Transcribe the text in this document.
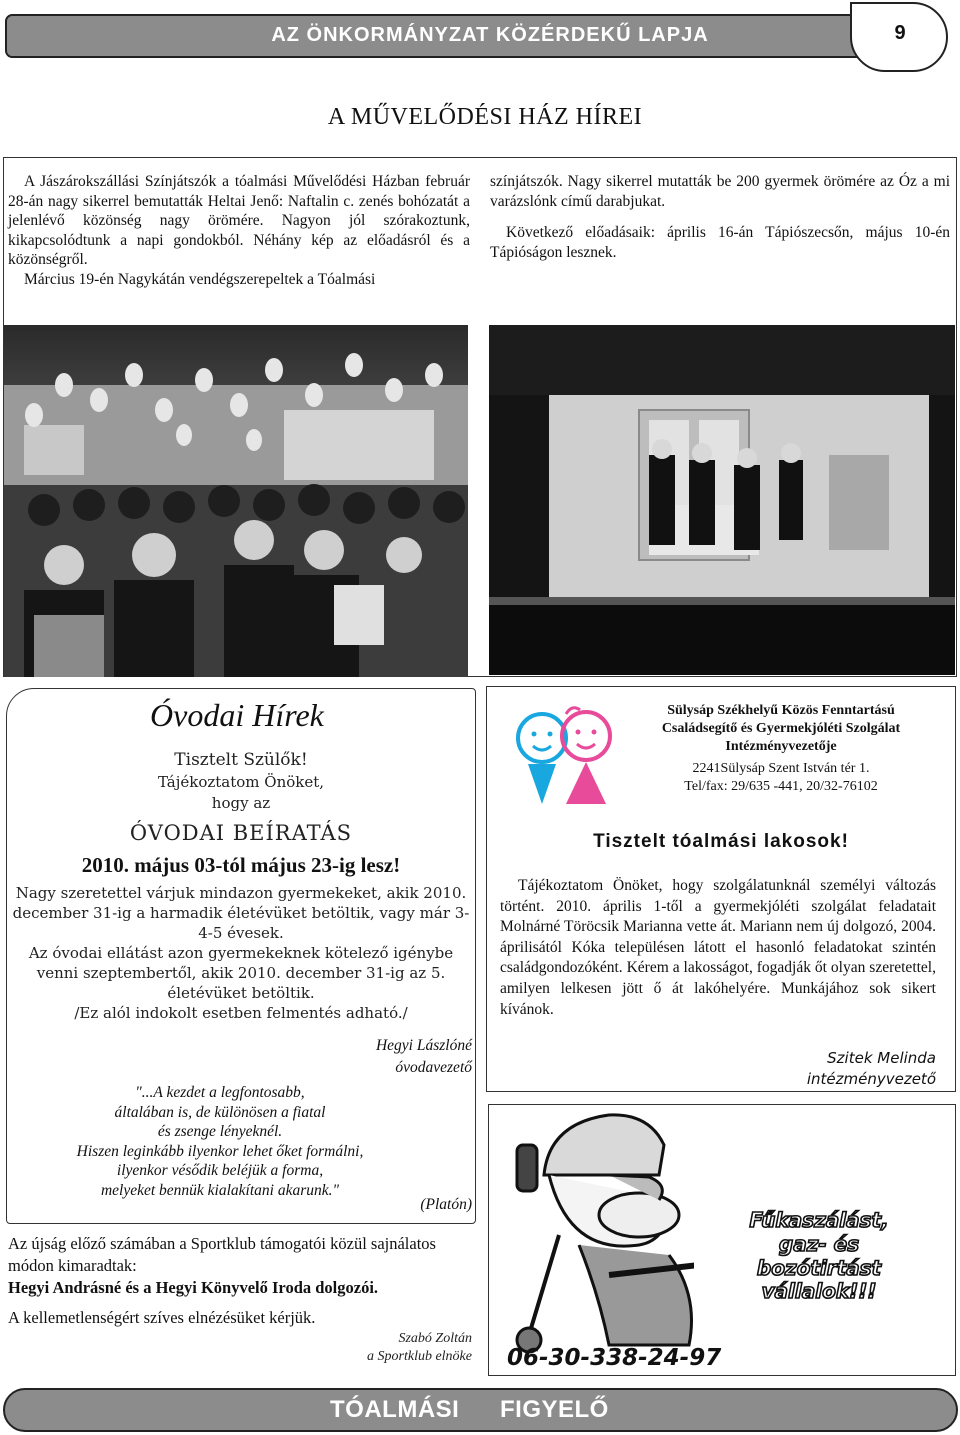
AZ ÖNKORMÁNYZAT KÖZÉRDEKŰ LAPJA	9
A MŰVELŐDÉSI HÁZ HÍREI

A Jászárokszállási Színjátszók a tóalmási Művelődési Házban február 28-án nagy sikerrel bemutatták Heltai Jenő: Naftalin c. zenés bohózatát a jelenlévő közönség nagy örömére. Nagyon jól szórakoztunk, kikapcsolódtunk a napi gondokból. Néhány kép az előadásról és a közönségről.

Március 19-én Nagykátán vendégszerepeltek a Tóalmási

színjátszók. Nagy sikerrel mutatták be 200 gyermek örömére az Óz a mi varázslónk című darabjukat.

Következő előadásaik: április 16-án Tápiószecsőn, május 10-én Tápióságon lesznek.

Óvodai Hírek
Tisztelt Szülők!
Tájékoztatom Önöket,
hogy az
ÓVODAI BEÍRATÁS
2010. május 03-tól május 23-ig lesz!
Nagy szeretettel várjuk mindazon gyermekeket, akik 2010. december 31-ig a harmadik életévüket betöltik, vagy már 3-4-5 évesek.
Az óvodai ellátást azon gyermekeknek kötelező igénybe venni szeptembertől, akik 2010. december 31-ig az 5. életévüket betöltik.
/Ez alól indokolt esetben felmentés adható./
Hegyi Lászlóné
óvodavezető
"...A kezdet a legfontosabb,
általában is, de különösen a fiatal
és zsenge lényeknél.
Hiszen leginkább ilyenkor lehet őket formálni,
ilyenkor vésődik beléjük a forma,
melyeket bennük kialakítani akarunk."
(Platón)
Az újság előző számában a Sportklub támogatói közül sajnálatos módon kimaradtak:
Hegyi Andrásné és a Hegyi Könyvelő Iroda dolgozói.
A kellemetlenségért szíves elnézésüket kérjük.
Szabó Zoltán
a Sportklub elnöke
Sülysáp Székhelyű Közös Fenntartású
Családsegítő és Gyermekjóléti Szolgálat
Intézményvezetője
2241Sülysáp Szent István tér 1.
Tel/fax: 29/635 -441, 20/32-76102
Tisztelt tóalmási lakosok!
Tájékoztatom Önöket, hogy szolgálatunknál személyi változás történt. 2010. április 1-től a gyermekjóléti szolgálat feladatait Molnárné Töröcsik Marianna vette át. Mariann nem új dolgozó, 2004. áprilisától Kóka településen látott el hasonló feladatokat szintén családgondozóként. Kérem a lakosságot, fogadják őt olyan szeretettel, amilyen lelkesen jött ő át lakóhelyére. Munkájához sok sikert kívánok.
Szitek Melinda
intézményvezető
Fűkaszálást,
gaz- és
bozótirtást
vállalok!!!
06-30-338-24-97
TÓALMÁSI FIGYELŐ
